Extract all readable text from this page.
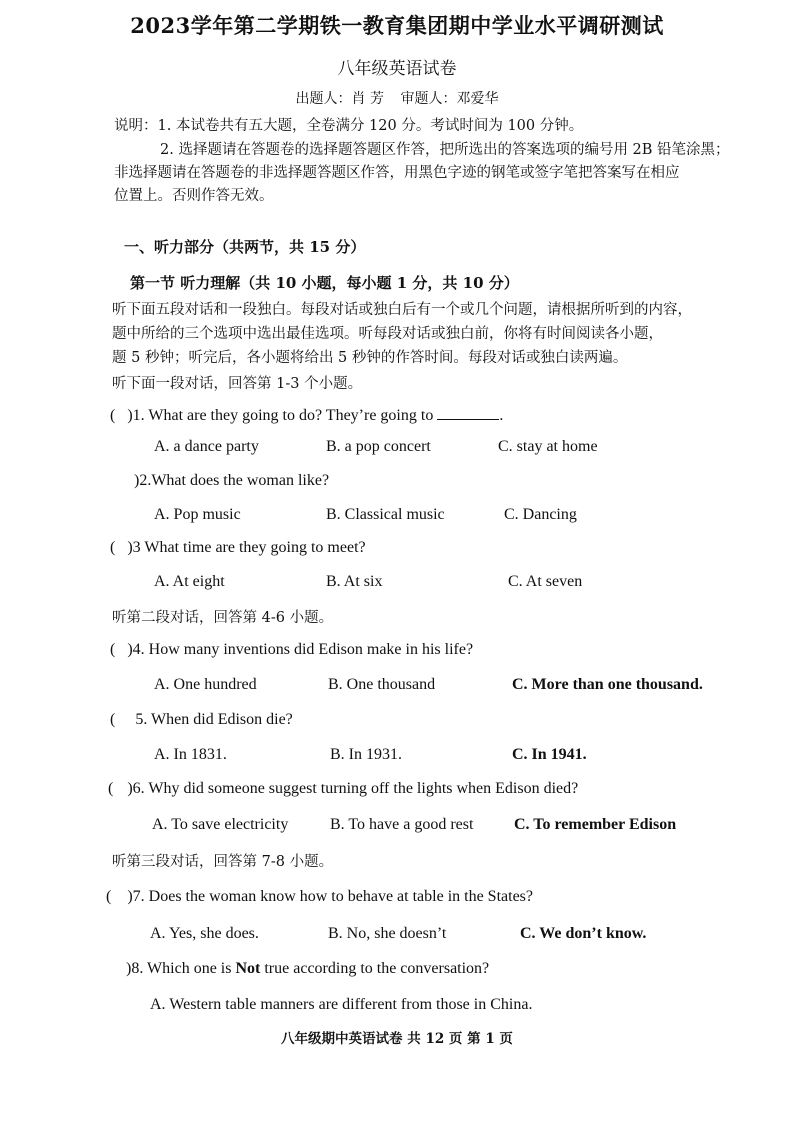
2023学年第二学期铁一教育集团期中学业水平调研测试
八年级英语试卷
出题人：肖 芳 审题人：邓爱华
说明：1. 本试卷共有五大题，全卷满分 120 分。考试时间为 100 分钟。
2. 选择题请在答题卷的选择题答题区作答，把所选出的答案选项的编号用 2B 铅笔涂黑；
非选择题请在答题卷的非选择题答题区作答，用黑色字迹的钢笔或签字笔把答案写在相应
位置上。否则作答无效。
一、听力部分（共两节，共 15 分）
第一节 听力理解（共 10 小题，每小题 1 分，共 10 分）
听下面五段对话和一段独白。每段对话或独白后有一个或几个问题，请根据所听到的内容，
题中所给的三个选项中选出最佳选项。听每段对话或独白前，你将有时间阅读各小题，
题 5 秒钟；听完后，各小题将给出 5 秒钟的作答时间。每段对话或独白读两遍。
听下面一段对话，回答第 1-3 个小题。
( )1. What are they going to do? They’re going to	.
A. a dance party	B. a pop concert	C. stay at home
)2.What does the woman like?
A. Pop music	B. Classical music	C. Dancing
( )3 What time are they going to meet?
A. At eight	B. At six	C. At seven
听第二段对话，回答第 4-6 小题。
( )4. How many inventions did Edison make in his life?
A. One hundred	B. One thousand	C. More than one thousand.
( 5. When did Edison die?
A. In 1831.	B. In 1931.	C. In 1941.
( )6. Why did someone suggest turning off the lights when Edison died?
A. To save electricity	B. To have a good rest	C. To remember Edison
听第三段对话，回答第 7-8 小题。
( )7. Does the woman know how to behave at table in the States?
A. Yes, she does.	B. No, she doesn’t	C. We don’t know.
)8. Which one is Not true according to the conversation?
A. Western table manners are different from those in China.
八年级期中英语试卷 共 12 页 第 1 页
